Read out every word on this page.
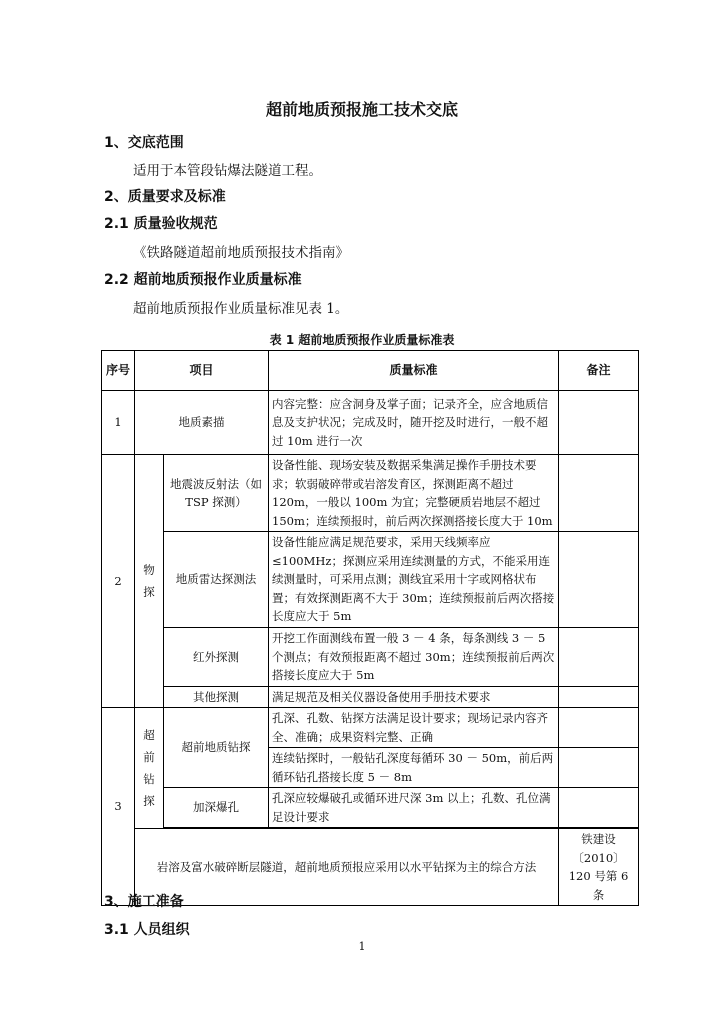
超前地质预报施工技术交底
1、交底范围
适用于本管段钻爆法隧道工程。
2、质量要求及标准
2.1 质量验收规范
《铁路隧道超前地质预报技术指南》
2.2 超前地质预报作业质量标准
超前地质预报作业质量标准见表 1。
表 1 超前地质预报作业质量标准表
序号	项目		质量标准	备注
1	地质素描		内容完整：应含洞身及掌子面；记录齐全，应含地质信息及支护状况；完成及时，随开挖及时进行，一般不超过 10m 进行一次	
2	物探	地震波反射法（如 TSP 探测）	设备性能、现场安装及数据采集满足操作手册技术要求；软弱破碎带或岩溶发育区，探测距离不超过 120m，一般以 100m 为宜；完整硬质岩地层不超过 150m；连续预报时，前后两次探测搭接长度大于 10m	
		地质雷达探测法	设备性能应满足规范要求，采用天线频率应≤100MHz；探测应采用连续测量的方式，不能采用连续测量时，可采用点测；测线宜采用十字或网格状布置；有效探测距离不大于 30m；连续预报前后两次搭接长度应大于 5m	
		红外探测	开挖工作面测线布置一般 3 － 4 条，每条测线 3 － 5 个测点；有效预报距离不超过 30m；连续预报前后两次搭接长度应大于 5m	
		其他探测	满足规范及相关仪器设备使用手册技术要求	
3	超前钻探	超前地质钻探	孔深、孔数、钻探方法满足设计要求；现场记录内容齐全、准确；成果资料完整、正确	
			连续钻探时，一般钻孔深度每循环 30 － 50m，前后两循环钻孔搭接长度 5 － 8m	
		加深爆孔	孔深应较爆破孔或循环进尺深 3m 以上；孔数、孔位满足设计要求	

	岩溶及富水破碎断层隧道，超前地质预报应采用以水平钻探为主的综合方法			铁建设〔2010〕120 号第 6 条
3、施工准备
3.1 人员组织
1
